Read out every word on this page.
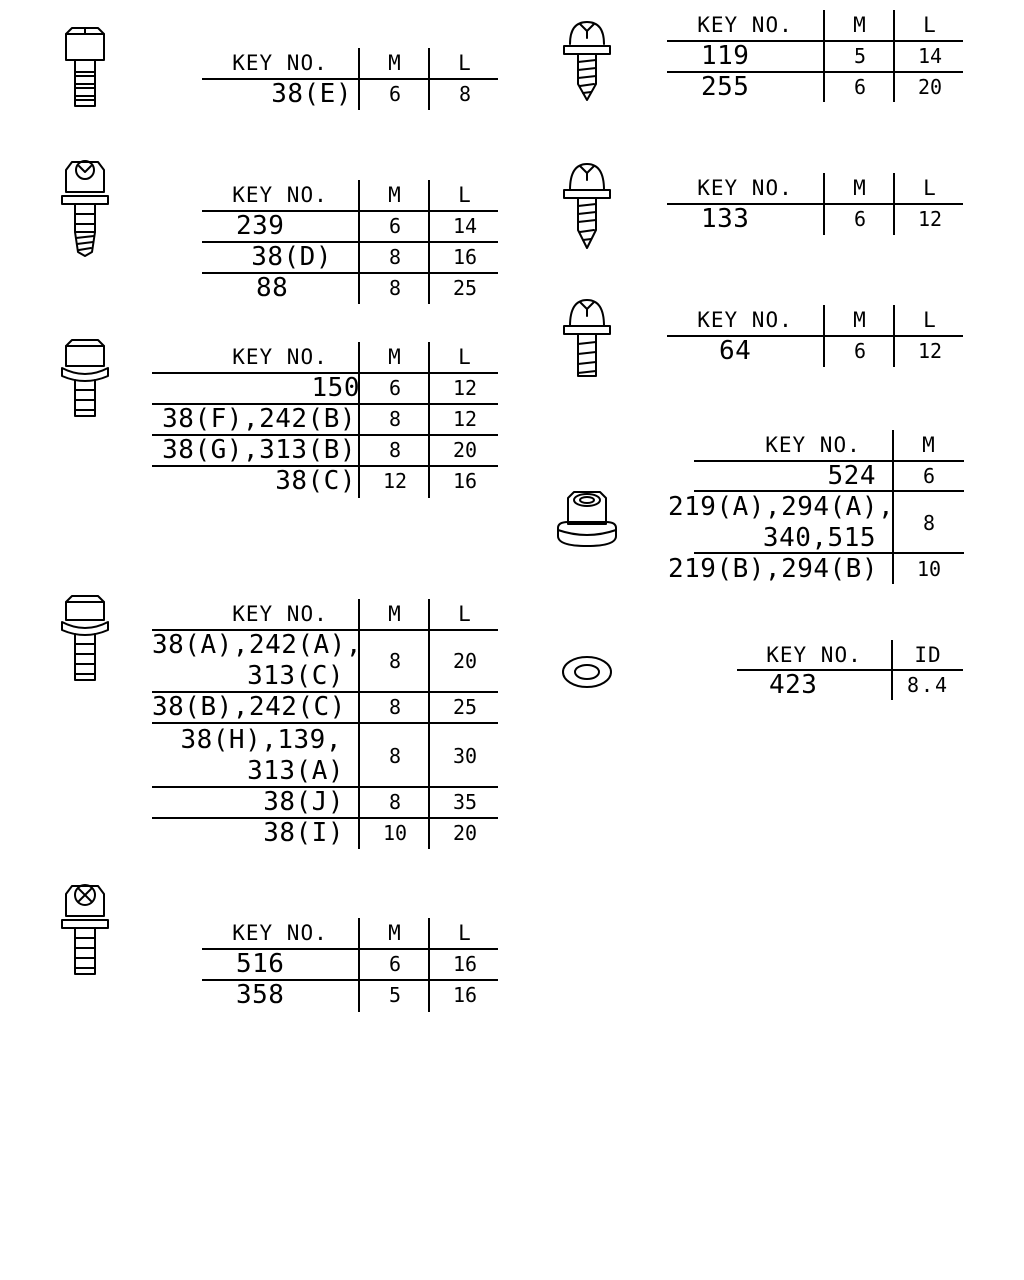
KEY NO.	M	L
38(E)	6	8
KEY NO.	M	L
239	6	14
38(D)	8	16
88	8	25
KEY NO.	M	L
150	6	12
38(F),242(B)	8	12
38(G),313(B)	8	20
38(C)	12	16
KEY NO.	M	L
38(A),242(A),
313(C)	8	20
38(B),242(C)	8	25
38(H),139,
313(A)	8	30
38(J)	8	35
38(I)	10	20
KEY NO.	M	L
516	6	16
358	5	16
KEY NO.	M	L
119	5	14
255	6	20
KEY NO.	M	L
133	6	12
KEY NO.	M	L
64	6	12
KEY NO.	M
524	6
219(A),294(A),
340,515	8
219(B),294(B)	10
KEY NO.	ID
423	8.4
